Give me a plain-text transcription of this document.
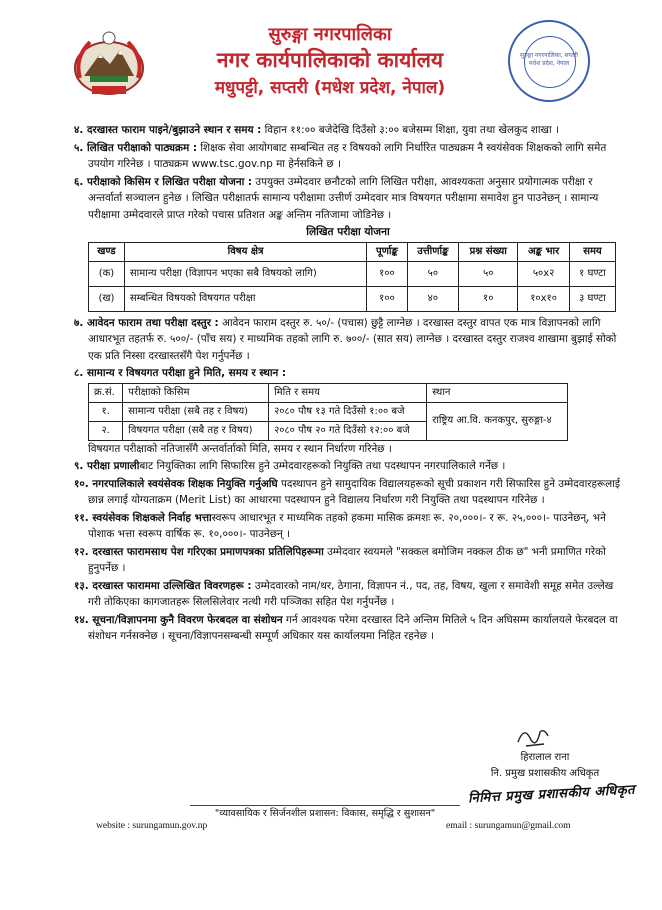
सुरुङ्गा नगरपालिका
नगर कार्यपालिकाको कार्यालय
मधुपट्टी, सप्तरी (मधेश प्रदेश, नेपाल)
सुरुङ्गा नगरपालिका, सप्तरी मधेश प्रदेश, नेपाल
४. दरखास्त फाराम पाइने/बुझाउने स्थान र समय : विहान ११:०० बजेदेखि दिउँसो ३:०० बजेसम्म शिक्षा, युवा तथा खेलकुद शाखा ।
५. लिखित परीक्षाको पाठ्यक्रम : शिक्षक सेवा आयोगबाट सम्बन्धित तह र विषयको लागि निर्धारित पाठ्यक्रम नै स्वयंसेवक शिक्षकको लागि समेत उपयोग गरिनेछ । पाठ्यक्रम www.tsc.gov.np मा हेर्नसकिने छ ।
६. परीक्षाको किसिम र लिखित परीक्षा योजना : उपयुक्त उम्मेदवार छनौटको लागि लिखित परीक्षा, आवश्यकता अनुसार प्रयोगात्मक परीक्षा र अन्तर्वार्ता सञ्चालन हुनेछ । लिखित परीक्षातर्फ सामान्य परीक्षामा उत्तीर्ण उम्मेदवार मात्र विषयगत परीक्षामा समावेश हुन पाउनेछन् । सामान्य परीक्षामा उम्मेदवारले प्राप्त गरेको पचास प्रतिशत अङ्क अन्तिम नतिजामा जोडिनेछ ।
लिखित परीक्षा योजना
खण्ड	विषय क्षेत्र	पूर्णाङ्क	उत्तीर्णाङ्क	प्रश्न संख्या	अङ्क भार	समय
(क)	सामान्य परीक्षा (विज्ञापन भएका सबै विषयको लागि)	१००	५०	५०	५०x२	१ घण्टा
(ख)	सम्बन्धित विषयको विषयगत परीक्षा	१००	४०	१०	१०x१०	३ घण्टा
७. आवेदन फाराम तथा परीक्षा दस्तुर : आवेदन फाराम दस्तुर रु. ५०/- (पचास) छुट्टै लाग्नेछ । दरखास्त दस्तुर वापत एक मात्र विज्ञापनको लागि आधारभूत तहतर्फ रु. ५००/- (पाँच सय) र माध्यमिक तहको लागि रु. ७००/- (सात सय) लाग्नेछ । दरखास्त दस्तुर राजश्व शाखामा बुझाई सोको एक प्रति निस्सा दरखास्तसँगै पेश गर्नुपर्नेछ ।
८. सामान्य र विषयगत परीक्षा हुने मिति, समय र स्थान :
क्र.सं.	परीक्षाको किसिम	मिति र समय	स्थान
१.	सामान्य परीक्षा (सबै तह र विषय)	२०८० पौष १३ गते दिउँसो १:०० बजे	राष्ट्रिय आ.वि. कनकपुर, सुरुङ्गा-४
२.	विषयगत परीक्षा (सबै तह र विषय)	२०८० पौष २० गते दिउँसो १२:०० बजे	
विषयगत परीक्षाको नतिजासँगै अन्तर्वार्ताको मिति, समय र स्थान निर्धारण गरिनेछ ।
९. परीक्षा प्रणालीबाट नियुक्तिका लागि सिफारिस हुने उम्मेदवारहरूको नियुक्ति तथा पदस्थापन नगरपालिकाले गर्नेछ ।
१०. नगरपालिकाले स्वयंसेवक शिक्षक नियुक्ति गर्नुअघि पदस्थापन हुने सामुदायिक विद्यालयहरूको सूची प्रकाशन गरी सिफारिस हुने उम्मेदवारहरूलाई छान्न लगाई योग्यताक्रम (Merit List) का आधारमा पदस्थापन हुने विद्यालय निर्धारण गरी नियुक्ति तथा पदस्थापन गरिनेछ ।
११. स्वयंसेवक शिक्षकले निर्वाह भत्तास्वरूप आधारभूत र माध्यमिक तहको हकमा मासिक क्रमशः रू. २०,०००।- र रू. २५,०००।- पाउनेछन्, भने पोशाक भत्ता स्वरूप वार्षिक रू. १०,०००।- पाउनेछन् ।
१२. दरखास्त फारामसाथ पेश गरिएका प्रमाणपत्रका प्रतिलिपिहरूमा उम्मेदवार स्वयमले "सक्कल बमोजिम नक्कल ठीक छ" भनी प्रमाणित गरेको हुनुपर्नेछ ।
१३. दरखास्त फाराममा उल्लिखित विवरणहरू : उम्मेदवारको नाम/थर, ठेगाना, विज्ञापन नं., पद, तह, विषय, खुला र समावेशी समूह समेत उल्लेख गरी तोकिएका कागजातहरू सिलसिलेवार नत्थी गरी पञ्जिका सहित पेश गर्नुपर्नेछ ।
१४. सूचना/विज्ञापनमा कुनै विवरण फेरबदल वा संशोधन गर्न आवश्यक परेमा दरखास्त दिने अन्तिम मितिले ५ दिन अघिसम्म कार्यालयले फेरबदल वा संशोधन गर्नसक्नेछ । सूचना/विज्ञापनसम्बन्धी सम्पूर्ण अधिकार यस कार्यालयमा निहित रहनेछ ।
हिरालाल राना
नि. प्रमुख प्रशासकीय अधिकृत
निमित्त प्रमुख प्रशासकीय अधिकृत
"व्यावसायिक र सिर्जनशील प्रशासन: विकास, समृद्धि र सुशासन"
website : surungamun.gov.np	email : surungamun@gmail.com
